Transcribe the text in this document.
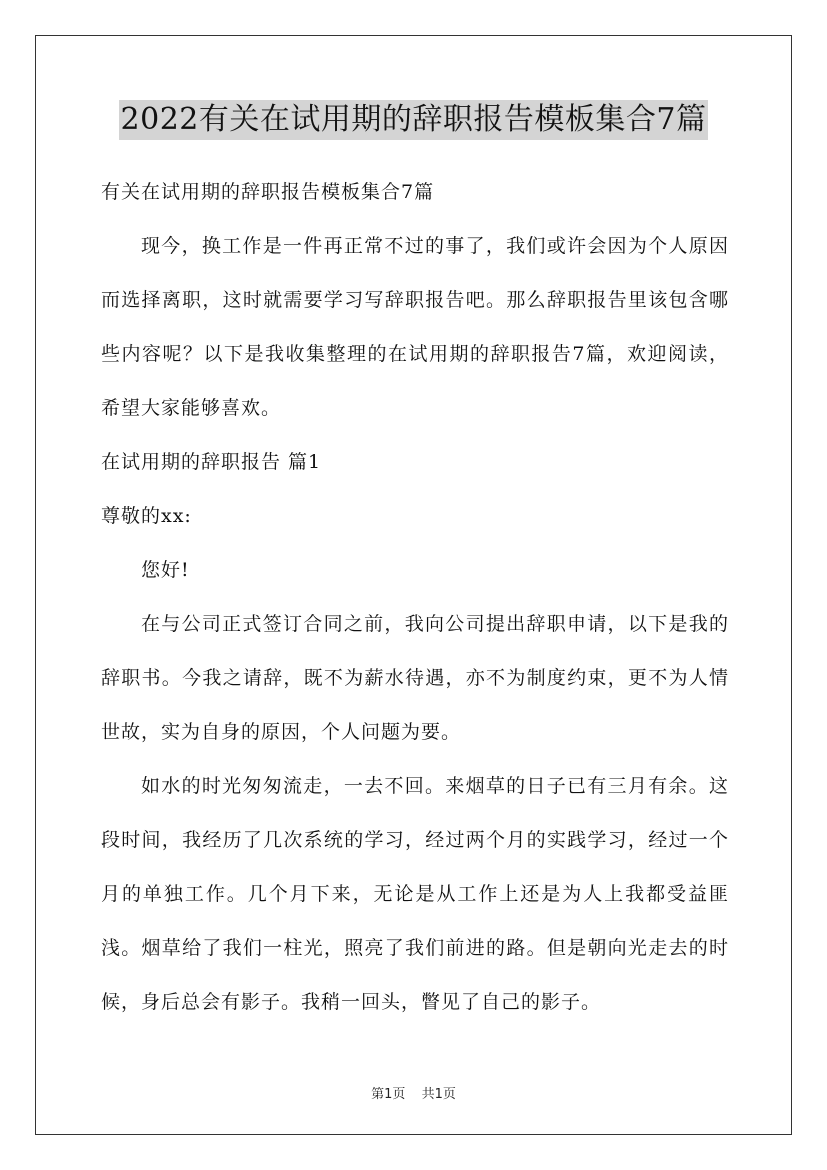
2022有关在试用期的辞职报告模板集合7篇

有关在试用期的辞职报告模板集合7篇

现今，换工作是一件再正常不过的事了，我们或许会因为个人原因而选择离职，这时就需要学习写辞职报告吧。那么辞职报告里该包含哪些内容呢？以下是我收集整理的在试用期的辞职报告7篇，欢迎阅读，希望大家能够喜欢。

在试用期的辞职报告 篇1

尊敬的xx:

您好!

在与公司正式签订合同之前，我向公司提出辞职申请，以下是我的辞职书。今我之请辞，既不为薪水待遇，亦不为制度约束，更不为人情世故，实为自身的原因，个人问题为要。

如水的时光匆匆流走，一去不回。来烟草的日子已有三月有余。这段时间，我经历了几次系统的学习，经过两个月的实践学习，经过一个月的单独工作。几个月下来，无论是从工作上还是为人上我都受益匪浅。烟草给了我们一柱光，照亮了我们前进的路。但是朝向光走去的时候，身后总会有影子。我稍一回头，瞥见了自己的影子。

第1页 共1页
